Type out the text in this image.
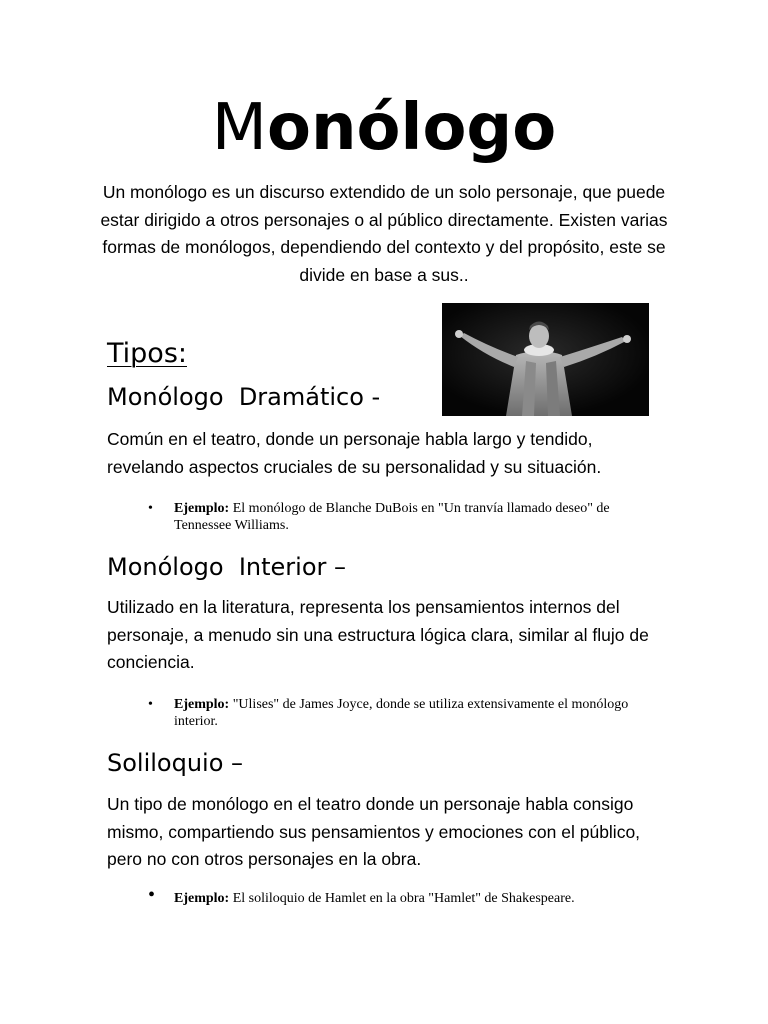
Monólogo

Un monólogo es un discurso extendido de un solo personaje, que puede estar dirigido a otros personajes o al público directamente. Existen varias formas de monólogos, dependiendo del contexto y del propósito, este se divide en base a sus..

Tipos:
Monólogo  Dramático -

Común en el teatro, donde un personaje habla largo y tendido, revelando aspectos cruciales de su personalidad y su situación.

• Ejemplo: El monólogo de Blanche DuBois en "Un tranvía llamado deseo" de Tennessee Williams.

Monólogo  Interior –

Utilizado en la literatura, representa los pensamientos internos del personaje, a menudo sin una estructura lógica clara, similar al flujo de conciencia.

• Ejemplo: "Ulises" de James Joyce, donde se utiliza extensivamente el monólogo interior.

Soliloquio –

Un tipo de monólogo en el teatro donde un personaje habla consigo mismo, compartiendo sus pensamientos y emociones con el público, pero no con otros personajes en la obra.

• Ejemplo: El soliloquio de Hamlet en la obra "Hamlet" de Shakespeare.
